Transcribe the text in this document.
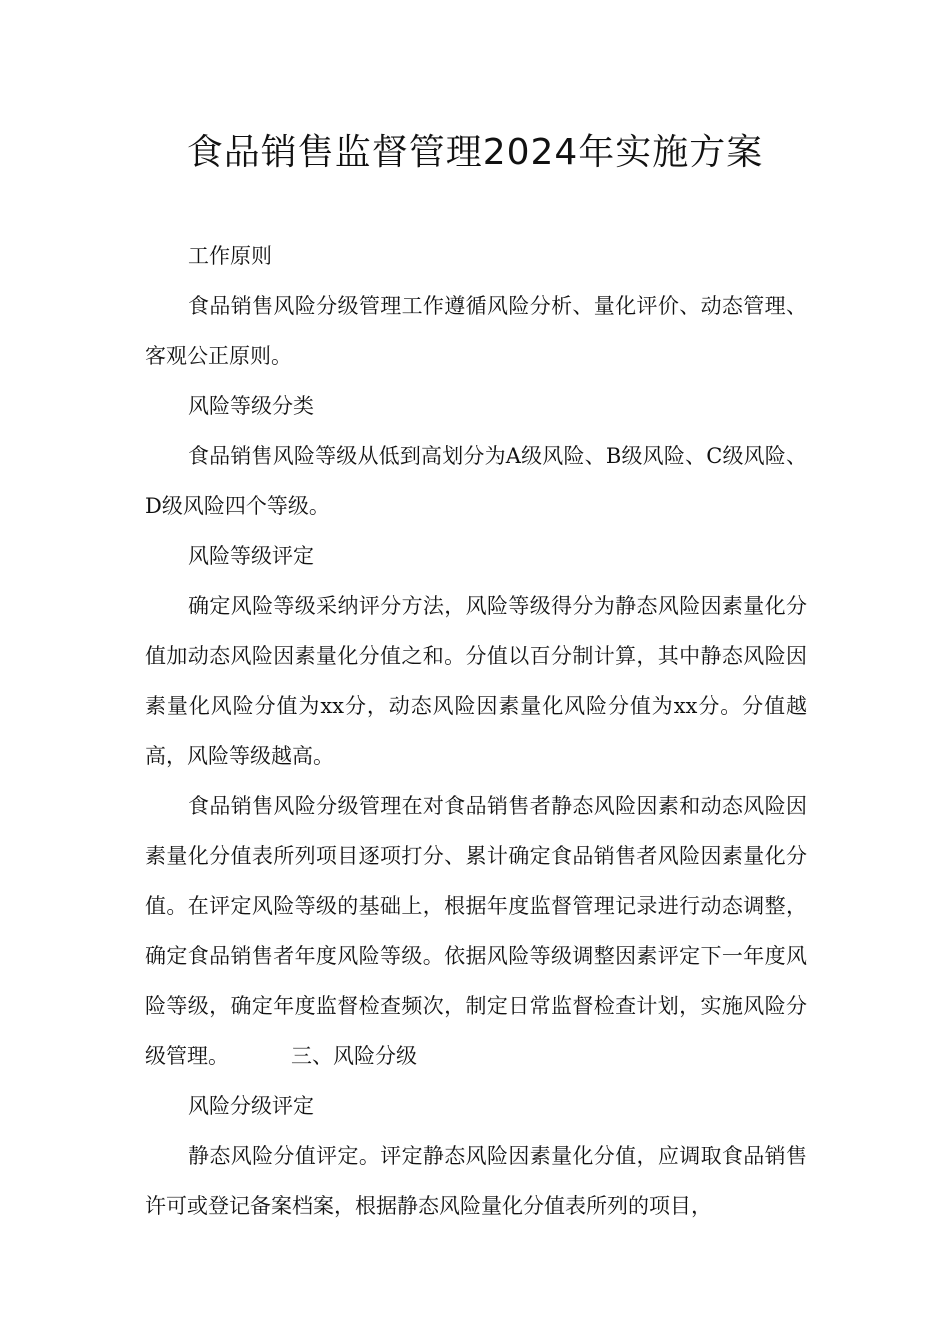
食品销售监督管理2024年实施方案

工作原则

食品销售风险分级管理工作遵循风险分析、量化评价、动态管理、客观公正原则。

风险等级分类

食品销售风险等级从低到高划分为A级风险、B级风险、C级风险、D级风险四个等级。

风险等级评定

确定风险等级采纳评分方法，风险等级得分为静态风险因素量化分值加动态风险因素量化分值之和。分值以百分制计算，其中静态风险因素量化风险分值为xx分，动态风险因素量化风险分值为xx分。分值越高，风险等级越高。

食品销售风险分级管理在对食品销售者静态风险因素和动态风险因素量化分值表所列项目逐项打分、累计确定食品销售者风险因素量化分值。在评定风险等级的基础上，根据年度监督管理记录进行动态调整，确定食品销售者年度风险等级。依据风险等级调整因素评定下一年度风险等级，确定年度监督检查频次，制定日常监督检查计划，实施风险分级管理。	三、风险分级

风险分级评定

静态风险分值评定。评定静态风险因素量化分值，应调取食品销售许可或登记备案档案，根据静态风险量化分值表所列的项目，
